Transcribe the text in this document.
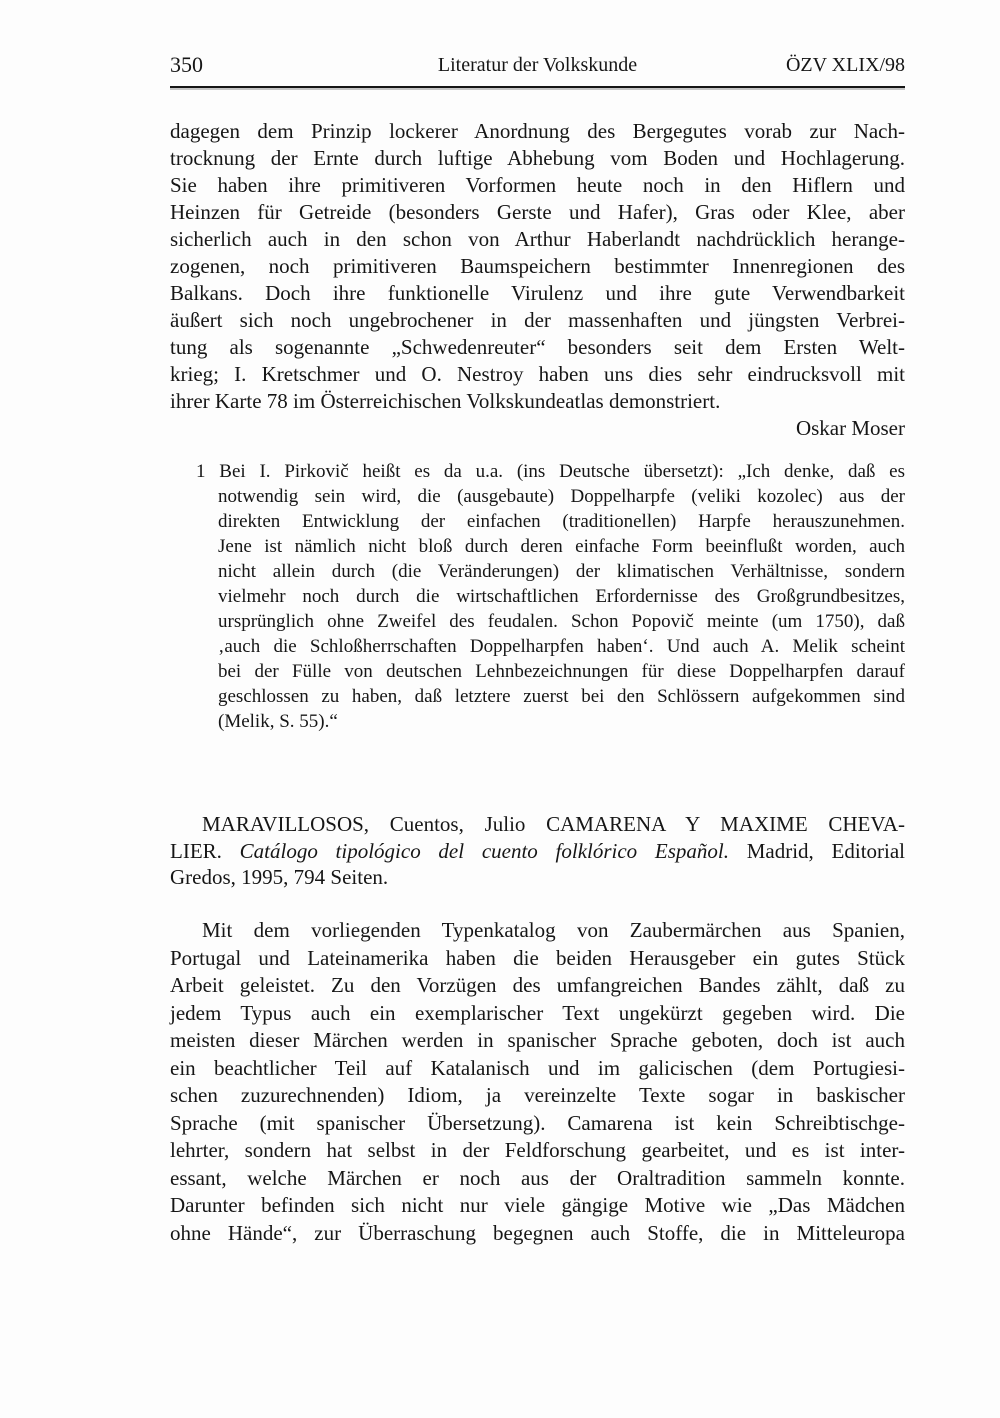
350	Literatur der Volkskunde	ÖZV XLIX/98
dagegen dem Prinzip lockerer Anordnung des Bergegutes vorab zur Nach-
trocknung der Ernte durch luftige Abhebung vom Boden und Hochlagerung.
Sie haben ihre primitiveren Vorformen heute noch in den Hiflern und
Heinzen für Getreide (besonders Gerste und Hafer), Gras oder Klee, aber
sicherlich auch in den schon von Arthur Haberlandt nachdrücklich herange-
zogenen, noch primitiveren Baumspeichern bestimmter Innenregionen des
Balkans. Doch ihre funktionelle Virulenz und ihre gute Verwendbarkeit
äußert sich noch ungebrochener in der massenhaften und jüngsten Verbrei-
tung als sogenannte „Schwedenreuter“ besonders seit dem Ersten Welt-
krieg; I. Kretschmer und O. Nestroy haben uns dies sehr eindrucksvoll mit
ihrer Karte 78 im Österreichischen Volkskundeatlas demonstriert.
Oskar Moser
1 Bei I. Pirkovič heißt es da u.a. (ins Deutsche übersetzt): „Ich denke, daß es
notwendig sein wird, die (ausgebaute) Doppelharpfe (veliki kozolec) aus der
direkten Entwicklung der einfachen (traditionellen) Harpfe herauszunehmen.
Jene ist nämlich nicht bloß durch deren einfache Form beeinflußt worden, auch
nicht allein durch (die Veränderungen) der klimatischen Verhältnisse, sondern
vielmehr noch durch die wirtschaftlichen Erfordernisse des Großgrundbesitzes,
ursprünglich ohne Zweifel des feudalen. Schon Popovič meinte (um 1750), daß
‚auch die Schloßherrschaften Doppelharpfen haben‘. Und auch A. Melik scheint
bei der Fülle von deutschen Lehnbezeichnungen für diese Doppelharpfen darauf
geschlossen zu haben, daß letztere zuerst bei den Schlössern aufgekommen sind
(Melik, S. 55).“
MARAVILLOSOS, Cuentos, Julio CAMARENA Y MAXIME CHEVA-
LIER. Catálogo tipológico del cuento folklórico Español. Madrid, Editorial
Gredos, 1995, 794 Seiten.
Mit dem vorliegenden Typenkatalog von Zaubermärchen aus Spanien,
Portugal und Lateinamerika haben die beiden Herausgeber ein gutes Stück
Arbeit geleistet. Zu den Vorzügen des umfangreichen Bandes zählt, daß zu
jedem Typus auch ein exemplarischer Text ungekürzt gegeben wird. Die
meisten dieser Märchen werden in spanischer Sprache geboten, doch ist auch
ein beachtlicher Teil auf Katalanisch und im galicischen (dem Portugiesi-
schen zuzurechnenden) Idiom, ja vereinzelte Texte sogar in baskischer
Sprache (mit spanischer Übersetzung). Camarena ist kein Schreibtischge-
lehrter, sondern hat selbst in der Feldforschung gearbeitet, und es ist inter-
essant, welche Märchen er noch aus der Oraltradition sammeln konnte.
Darunter befinden sich nicht nur viele gängige Motive wie „Das Mädchen
ohne Hände“, zur Überraschung begegnen auch Stoffe, die in Mitteleuropa
